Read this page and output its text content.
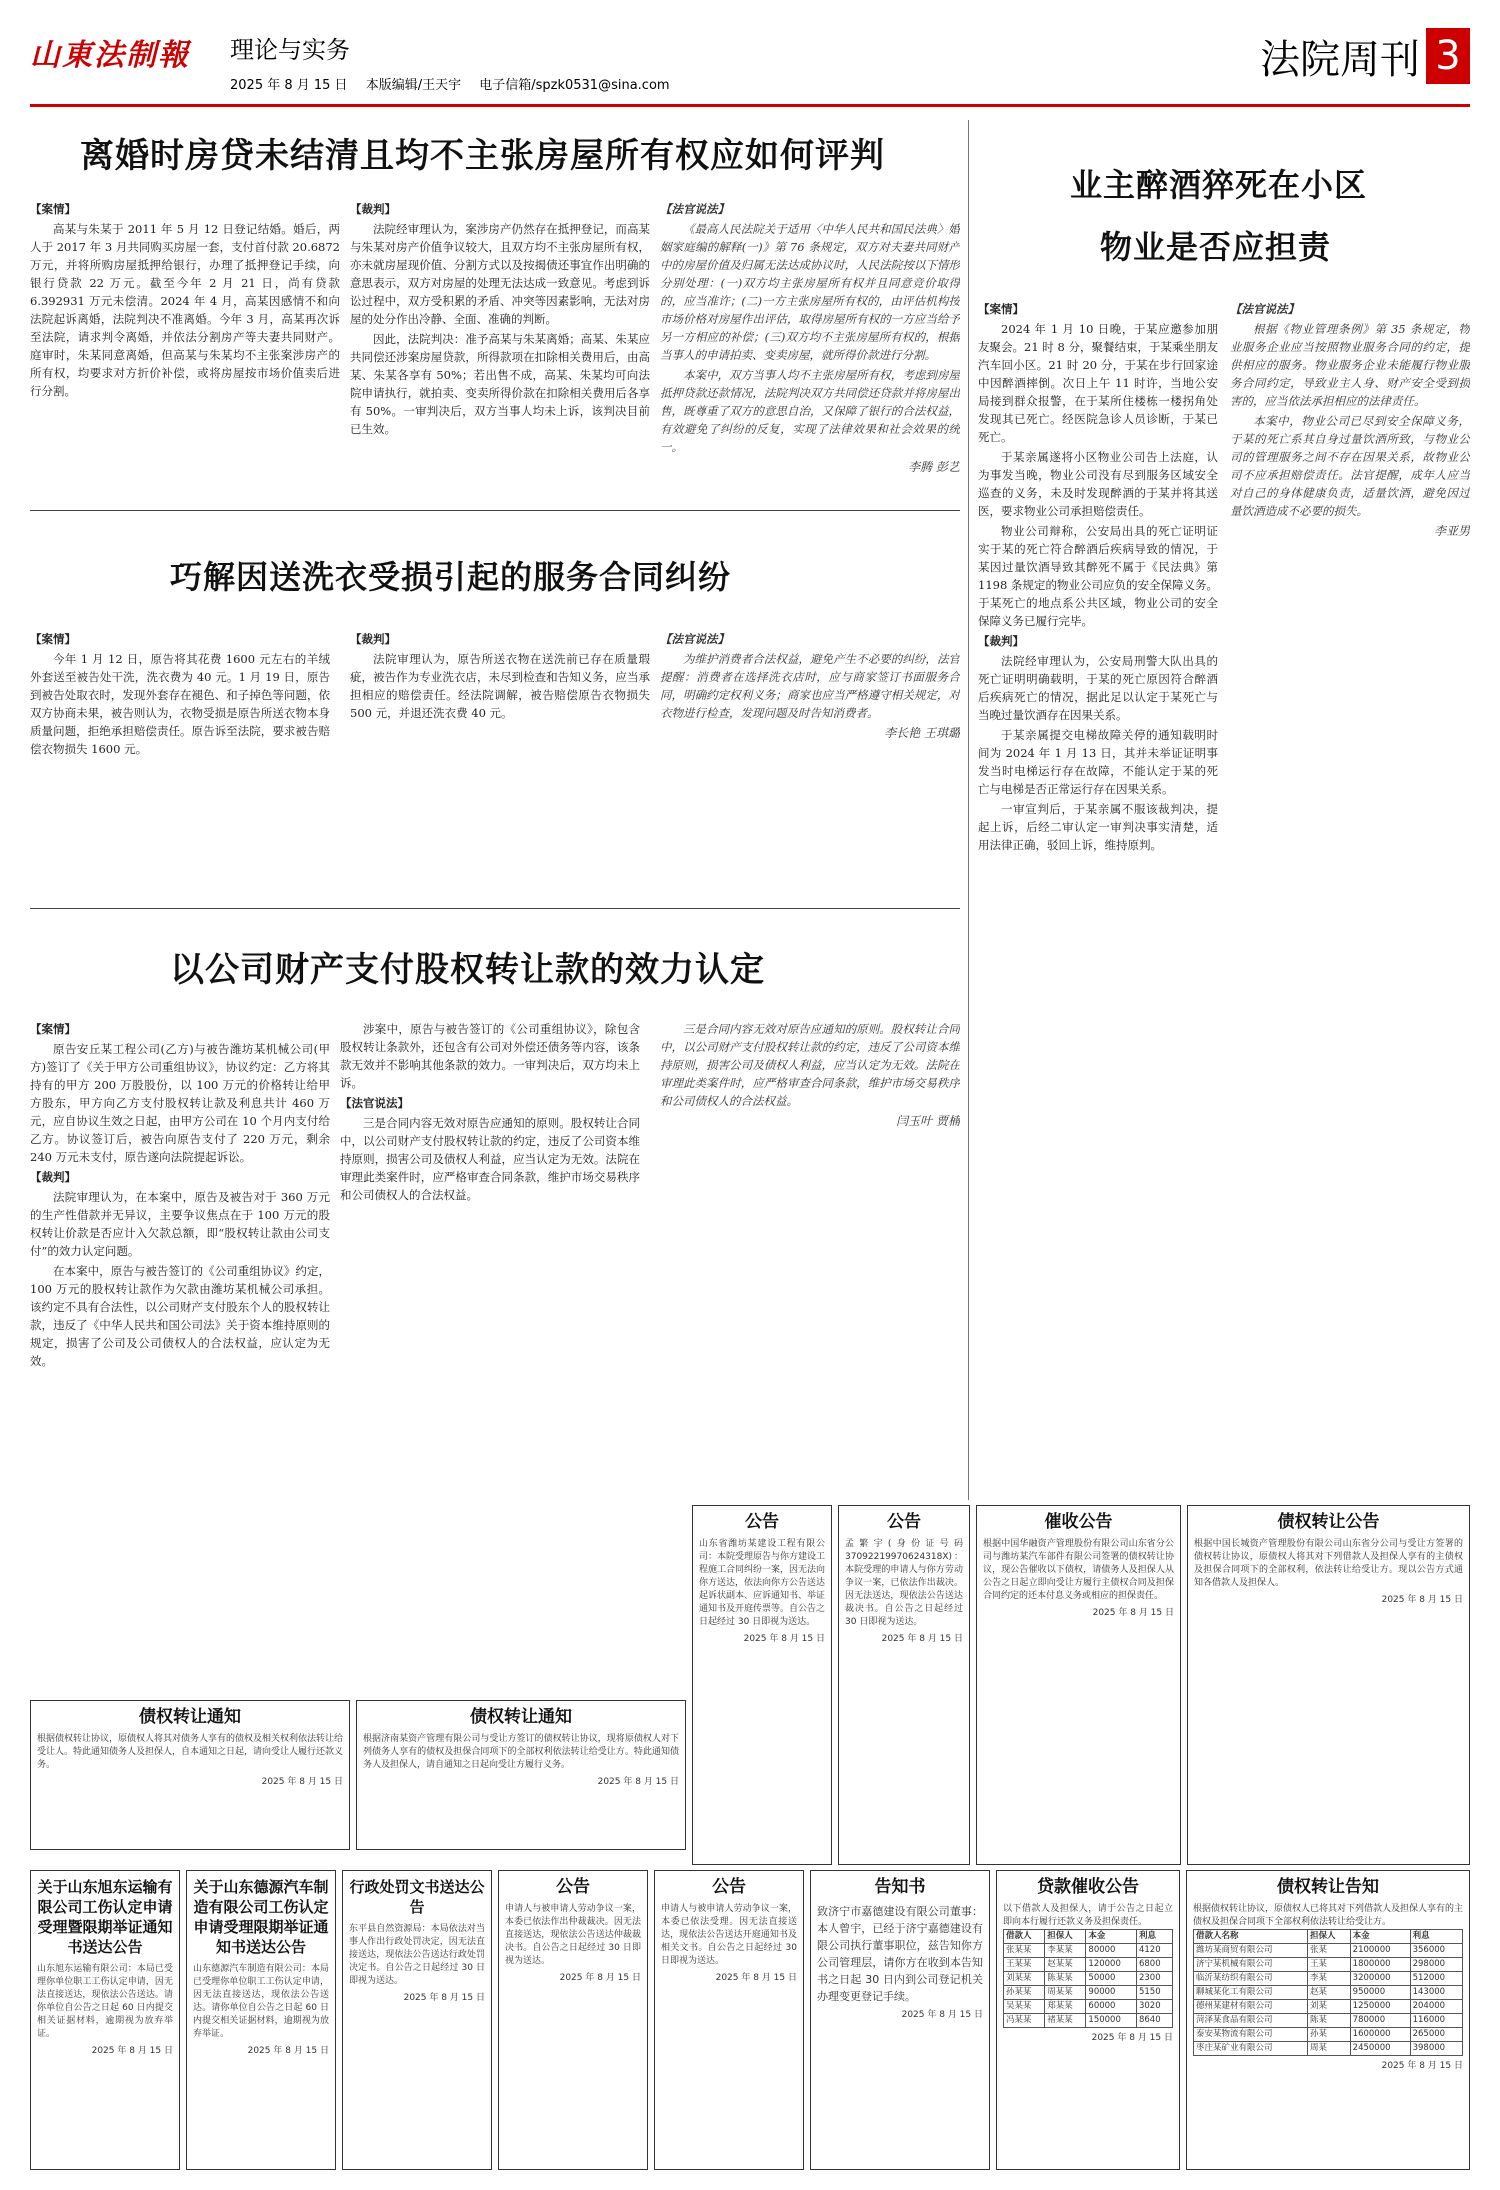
山東法制報 理论与实务
2025 年 8 月 15 日 本版编辑/王天宇 电子信箱/spzk0531@sina.com
法院周刊 3
离婚时房贷未结清且均不主张房屋所有权应如何评判

【案情】

高某与朱某于 2011 年 5 月 12 日登记结婚。婚后，两人于 2017 年 3 月共同购买房屋一套，支付首付款 20.6872 万元，并将所购房屋抵押给银行，办理了抵押登记手续，向银行贷款 22 万元。截至今年 2 月 21 日，尚有贷款 6.392931 万元未偿清。2024 年 4 月，高某因感情不和向法院起诉离婚，法院判决不准离婚。今年 3 月，高某再次诉至法院，请求判令离婚，并依法分割房产等夫妻共同财产。庭审时，朱某同意离婚，但高某与朱某均不主张案涉房产的所有权，均要求对方折价补偿，或将房屋按市场价值卖后进行分割。

【裁判】

法院经审理认为，案涉房产仍然存在抵押登记，而高某与朱某对房产价值争议较大，且双方均不主张房屋所有权，亦未就房屋现价值、分割方式以及按揭债还事宜作出明确的意思表示，双方对房屋的处理无法达成一致意见。考虑到诉讼过程中，双方受积累的矛盾、冲突等因素影响，无法对房屋的处分作出冷静、全面、准确的判断。

因此，法院判决：准予高某与朱某离婚；高某、朱某应共同偿还涉案房屋贷款，所得款项在扣除相关费用后，由高某、朱某各享有 50%；若出售不成，高某、朱某均可向法院申请执行，就拍卖、变卖所得价款在扣除相关费用后各享有 50%。一审判决后，双方当事人均未上诉，该判决目前已生效。

【法官说法】

《最高人民法院关于适用〈中华人民共和国民法典〉婚姻家庭编的解释(一)》第 76 条规定，双方对夫妻共同财产中的房屋价值及归属无法达成协议时，人民法院按以下情形分别处理：(一)双方均主张房屋所有权并且同意竞价取得的，应当准许；(二)一方主张房屋所有权的，由评估机构按市场价格对房屋作出评估，取得房屋所有权的一方应当给予另一方相应的补偿；(三)双方均不主张房屋所有权的，根据当事人的申请拍卖、变卖房屋，就所得价款进行分割。

本案中，双方当事人均不主张房屋所有权，考虑到房屋抵押贷款还款情况，法院判决双方共同偿还贷款并将房屋出售，既尊重了双方的意思自治，又保障了银行的合法权益，有效避免了纠纷的反复，实现了法律效果和社会效果的统一。

李腾 彭艺
巧解因送洗衣受损引起的服务合同纠纷

【案情】

今年 1 月 12 日，原告将其花费 1600 元左右的羊绒外套送至被告处干洗，洗衣费为 40 元。1 月 19 日，原告到被告处取衣时，发现外套存在褪色、和子掉色等问题，依双方协商未果，被告则认为，衣物受损是原告所送衣物本身质量问题，拒绝承担赔偿责任。原告诉至法院，要求被告赔偿衣物损失 1600 元。

【裁判】

法院审理认为，原告所送衣物在送洗前已存在质量瑕疵，被告作为专业洗衣店，未尽到检查和告知义务，应当承担相应的赔偿责任。经法院调解，被告赔偿原告衣物损失 500 元，并退还洗衣费 40 元。

【法官说法】

为维护消费者合法权益，避免产生不必要的纠纷，法官提醒：消费者在选择洗衣店时，应与商家签订书面服务合同，明确约定权利义务；商家也应当严格遵守相关规定，对衣物进行检查，发现问题及时告知消费者。

李长艳 王琪璐
以公司财产支付股权转让款的效力认定

【案情】

原告安丘某工程公司(乙方)与被告潍坊某机械公司(甲方)签订了《关于甲方公司重组协议》，协议约定：乙方将其持有的甲方 200 万股股份，以 100 万元的价格转让给甲方股东，甲方向乙方支付股权转让款及利息共计 460 万元，应自协议生效之日起，由甲方公司在 10 个月内支付给乙方。协议签订后，被告向原告支付了 220 万元，剩余 240 万元未支付，原告遂向法院提起诉讼。

【裁判】

法院审理认为，在本案中，原告及被告对于 360 万元的生产性借款并无异议，主要争议焦点在于 100 万元的股权转让价款是否应计入欠款总额，即“股权转让款由公司支付”的效力认定问题。

在本案中，原告与被告签订的《公司重组协议》约定，100 万元的股权转让款作为欠款由潍坊某机械公司承担。该约定不具有合法性，以公司财产支付股东个人的股权转让款，违反了《中华人民共和国公司法》关于资本维持原则的规定，损害了公司及公司债权人的合法权益，应认定为无效。

涉案中，原告与被告签订的《公司重组协议》，除包含股权转让条款外，还包含有公司对外偿还债务等内容，该条款无效并不影响其他条款的效力。一审判决后，双方均未上诉。

【法官说法】

三是合同内容无效对原告应通知的原则。股权转让合同中，以公司财产支付股权转让款的约定，违反了公司资本维持原则，损害公司及债权人利益，应当认定为无效。法院在审理此类案件时，应严格审查合同条款，维护市场交易秩序和公司债权人的合法权益。

三是合同内容无效对原告应通知的原则。股权转让合同中，以公司财产支付股权转让款的约定，违反了公司资本维持原则，损害公司及债权人利益，应当认定为无效。法院在审理此类案件时，应严格审查合同条款，维护市场交易秩序和公司债权人的合法权益。

闫玉叶 贾楠
业主醉酒猝死在小区
物业是否应担责

【案情】

2024 年 1 月 10 日晚，于某应邀参加朋友聚会。21 时 8 分，聚餐结束，于某乘坐朋友汽车回小区。21 时 20 分，于某在步行回家途中因醉酒摔倒。次日上午 11 时许，当地公安局接到群众报警，在于某所住楼栋一楼拐角处发现其已死亡。经医院急诊人员诊断，于某已死亡。

于某亲属遂将小区物业公司告上法庭，认为事发当晚，物业公司没有尽到服务区域安全巡查的义务，未及时发现醉酒的于某并将其送医，要求物业公司承担赔偿责任。

物业公司辩称，公安局出具的死亡证明证实于某的死亡符合醉酒后疾病导致的情况，于某因过量饮酒导致其醉死不属于《民法典》第 1198 条规定的物业公司应负的安全保障义务。于某死亡的地点系公共区域，物业公司的安全保障义务已履行完毕。

【裁判】

法院经审理认为，公安局刑警大队出具的死亡证明明确载明，于某的死亡原因符合醉酒后疾病死亡的情况，据此足以认定于某死亡与当晚过量饮酒存在因果关系。

于某亲属提交电梯故障关停的通知载明时间为 2024 年 1 月 13 日，其并未举证证明事发当时电梯运行存在故障，不能认定于某的死亡与电梯是否正常运行存在因果关系。

一审宣判后，于某亲属不服该裁判决，提起上诉，后经二审认定一审判决事实清楚，适用法律正确，驳回上诉，维持原判。

【法官说法】

根据《物业管理条例》第 35 条规定，物业服务企业应当按照物业服务合同的约定，提供相应的服务。物业服务企业未能履行物业服务合同约定，导致业主人身、财产安全受到损害的，应当依法承担相应的法律责任。

本案中，物业公司已尽到安全保障义务，于某的死亡系其自身过量饮酒所致，与物业公司的管理服务之间不存在因果关系，故物业公司不应承担赔偿责任。法官提醒，成年人应当对自己的身体健康负责，适量饮酒，避免因过量饮酒造成不必要的损失。

李亚男
公告
山东省潍坊某建设工程有限公司：本院受理原告与你方建设工程施工合同纠纷一案，因无法向你方送达，依法向你方公告送达起诉状副本、应诉通知书、举证通知书及开庭传票等。自公告之日起经过 30 日即视为送达。
2025 年 8 月 15 日
公告
孟繁宇(身份证号码 37092219970624318X)：本院受理的申请人与你方劳动争议一案，已依法作出裁决。因无法送达，现依法公告送达裁决书。自公告之日起经过 30 日即视为送达。
2025 年 8 月 15 日
催收公告
根据中国华融资产管理股份有限公司山东省分公司与潍坊某汽车部件有限公司签署的债权转让协议，现公告催收以下债权，请债务人及担保人从公告之日起立即向受让方履行主债权合同及担保合同约定的还本付息义务或相应的担保责任。
2025 年 8 月 15 日
债权转让公告
根据中国长城资产管理股份有限公司山东省分公司与受让方签署的债权转让协议，原债权人将其对下列借款人及担保人享有的主债权及担保合同项下的全部权利，依法转让给受让方。现以公告方式通知各借款人及担保人。
2025 年 8 月 15 日
债权转让通知
根据债权转让协议，原债权人将其对债务人享有的债权及相关权利依法转让给受让人。特此通知债务人及担保人，自本通知之日起，请向受让人履行还款义务。
2025 年 8 月 15 日
债权转让通知
根据济南某资产管理有限公司与受让方签订的债权转让协议，现将原债权人对下列债务人享有的债权及担保合同项下的全部权利依法转让给受让方。特此通知债务人及担保人，请自通知之日起向受让方履行义务。
2025 年 8 月 15 日
关于山东旭东运输有限公司工伤认定申请受理暨限期举证通知书送达公告
山东旭东运输有限公司：本局已受理你单位职工工伤认定申请，因无法直接送达，现依法公告送达。请你单位自公告之日起 60 日内提交相关证据材料，逾期视为放弃举证。
2025 年 8 月 15 日
关于山东德源汽车制造有限公司工伤认定申请受理限期举证通知书送达公告
山东德源汽车制造有限公司：本局已受理你单位职工工伤认定申请，因无法直接送达，现依法公告送达。请你单位自公告之日起 60 日内提交相关证据材料，逾期视为放弃举证。
2025 年 8 月 15 日
行政处罚文书送达公告
东平县自然资源局：本局依法对当事人作出行政处罚决定，因无法直接送达，现依法公告送达行政处罚决定书。自公告之日起经过 30 日即视为送达。
2025 年 8 月 15 日
公告
申请人与被申请人劳动争议一案，本委已依法作出仲裁裁决。因无法直接送达，现依法公告送达仲裁裁决书。自公告之日起经过 30 日即视为送达。
2025 年 8 月 15 日
公告
申请人与被申请人劳动争议一案，本委已依法受理。因无法直接送达，现依法公告送达开庭通知书及相关文书。自公告之日起经过 30 日即视为送达。
2025 年 8 月 15 日
告知书
致济宁市嘉德建设有限公司董事：本人曾宇，已经于济宁嘉德建设有限公司执行董事职位，兹告知你方公司管理层，请你方在收到本告知书之日起 30 日内到公司登记机关办理变更登记手续。
2025 年 8 月 15 日
贷款催收公告
以下借款人及担保人，请于公告之日起立即向本行履行还款义务及担保责任。
借款人	担保人	本金	利息
张某某	李某某	80000	4120
王某某	赵某某	120000	6800
刘某某	陈某某	50000	2300
孙某某	周某某	90000	5150
吴某某	郑某某	60000	3020
冯某某	褚某某	150000	8640
2025 年 8 月 15 日
债权转让告知
根据债权转让协议，原债权人已将其对下列借款人及担保人享有的主债权及担保合同项下全部权利依法转让给受让方。
借款人名称	担保人	本金	利息
潍坊某商贸有限公司	张某	2100000	356000
济宁某机械有限公司	王某	1800000	298000
临沂某纺织有限公司	李某	3200000	512000
聊城某化工有限公司	赵某	950000	143000
德州某建材有限公司	刘某	1250000	204000
菏泽某食品有限公司	陈某	780000	116000
泰安某物流有限公司	孙某	1600000	265000
枣庄某矿业有限公司	周某	2450000	398000
2025 年 8 月 15 日
